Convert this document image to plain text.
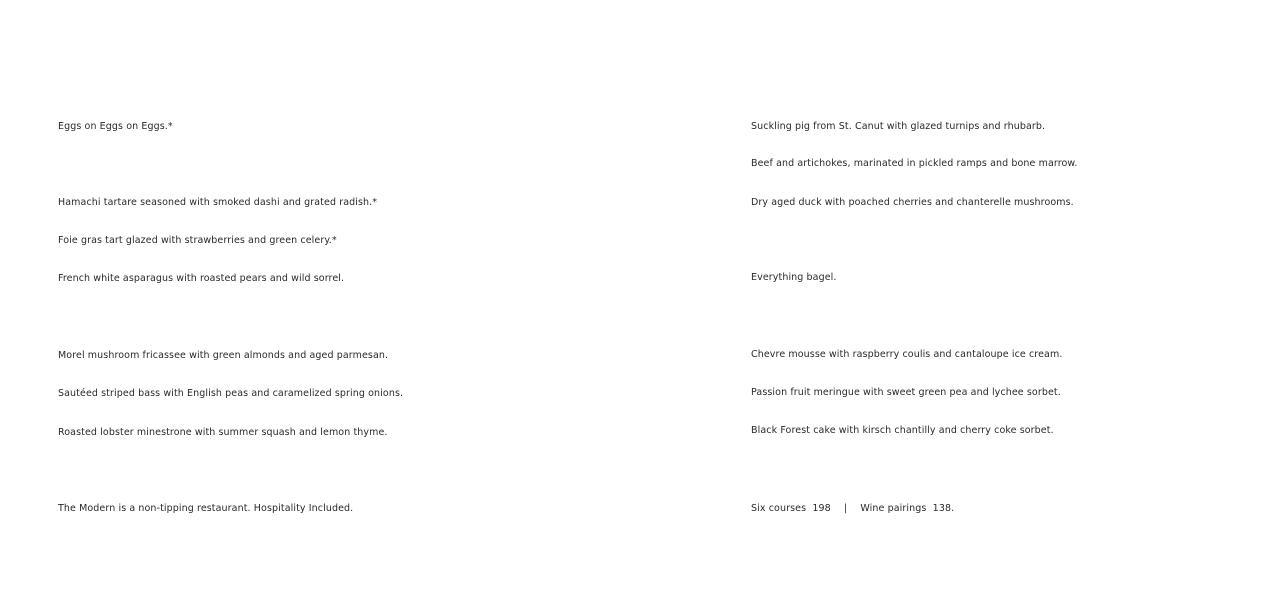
Eggs on Eggs on Eggs.*

Hamachi tartare seasoned with smoked dashi and grated radish.*

Foie gras tart glazed with strawberries and green celery.*

French white asparagus with roasted pears and wild sorrel.

Morel mushroom fricassee with green almonds and aged parmesan.

Sautéed striped bass with English peas and caramelized spring onions.

Roasted lobster minestrone with summer squash and lemon thyme.

The Modern is a non-tipping restaurant. Hospitality Included.

Suckling pig from St. Canut with glazed turnips and rhubarb.

Beef and artichokes, marinated in pickled ramps and bone marrow.

Dry aged duck with poached cherries and chanterelle mushrooms.

Everything bagel.

Chevre mousse with raspberry coulis and cantaloupe ice cream.

Passion fruit meringue with sweet green pea and lychee sorbet.

Black Forest cake with kirsch chantilly and cherry coke sorbet.

Six courses 198 | Wine pairings 138.
